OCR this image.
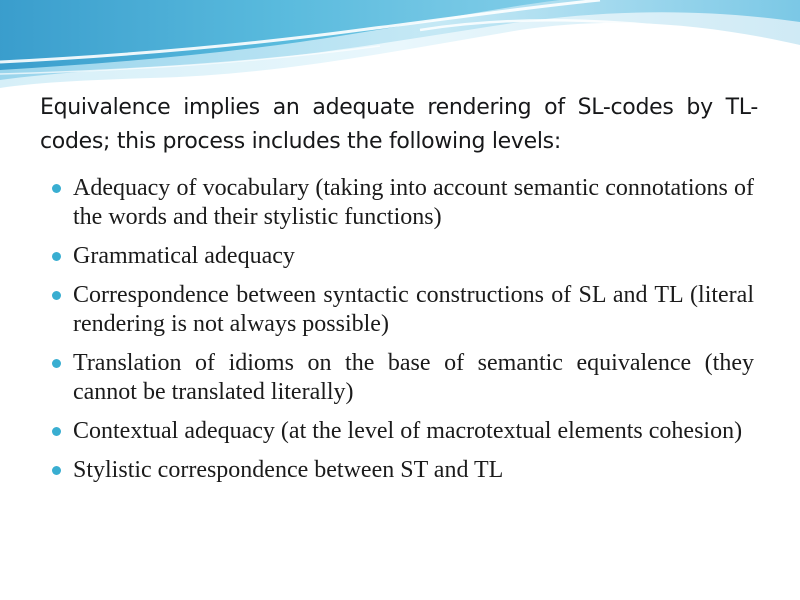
Equivalence implies an adequate rendering of SL-codes by TL-codes; this process includes the following levels:
Adequacy of vocabulary (taking into account semantic connotations of the words and their stylistic functions)
Grammatical adequacy
Correspondence between syntactic constructions of SL and TL (literal rendering is not always possible)
Translation of idioms on the base of semantic equivalence (they cannot be translated literally)
Contextual adequacy (at the level of macrotextual elements cohesion)
Stylistic correspondence between ST and TL
